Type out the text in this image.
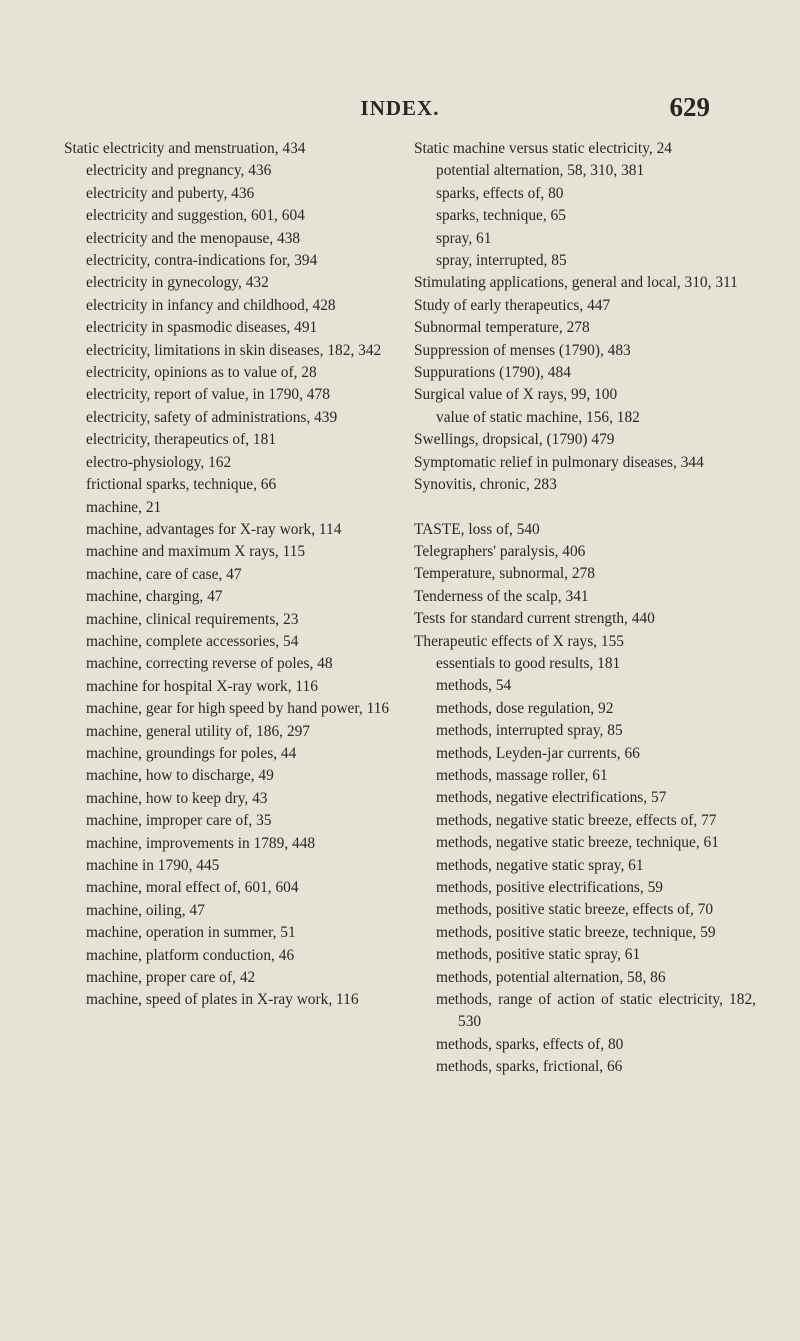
INDEX.	629
Static electricity and menstruation, 434
electricity and pregnancy, 436
electricity and puberty, 436
electricity and suggestion, 601, 604
electricity and the menopause, 438
electricity, contra-indications for, 394
electricity in gynecology, 432
electricity in infancy and childhood, 428
electricity in spasmodic diseases, 491
electricity, limitations in skin diseases, 182, 342
electricity, opinions as to value of, 28
electricity, report of value, in 1790, 478
electricity, safety of administrations, 439
electricity, therapeutics of, 181
electro-physiology, 162
frictional sparks, technique, 66
machine, 21
machine, advantages for X-ray work, 114
machine and maximum X rays, 115
machine, care of case, 47
machine, charging, 47
machine, clinical requirements, 23
machine, complete accessories, 54
machine, correcting reverse of poles, 48
machine for hospital X-ray work, 116
machine, gear for high speed by hand power, 116
machine, general utility of, 186, 297
machine, groundings for poles, 44
machine, how to discharge, 49
machine, how to keep dry, 43
machine, improper care of, 35
machine, improvements in 1789, 448
machine in 1790, 445
machine, moral effect of, 601, 604
machine, oiling, 47
machine, operation in summer, 51
machine, platform conduction, 46
machine, proper care of, 42
machine, speed of plates in X-ray work, 116
Static machine versus static electricity, 24
potential alternation, 58, 310, 381
sparks, effects of, 80
sparks, technique, 65
spray, 61
spray, interrupted, 85
Stimulating applications, general and local, 310, 311
Study of early therapeutics, 447
Subnormal temperature, 278
Suppression of menses (1790), 483
Suppurations (1790), 484
Surgical value of X rays, 99, 100
value of static machine, 156, 182
Swellings, dropsical, (1790) 479
Symptomatic relief in pulmonary diseases, 344
Synovitis, chronic, 283
TASTE, loss of, 540
Telegraphers' paralysis, 406
Temperature, subnormal, 278
Tenderness of the scalp, 341
Tests for standard current strength, 440
Therapeutic effects of X rays, 155
essentials to good results, 181
methods, 54
methods, dose regulation, 92
methods, interrupted spray, 85
methods, Leyden-jar currents, 66
methods, massage roller, 61
methods, negative electrifications, 57
methods, negative static breeze, effects of, 77
methods, negative static breeze, technique, 61
methods, negative static spray, 61
methods, positive electrifications, 59
methods, positive static breeze, effects of, 70
methods, positive static breeze, technique, 59
methods, positive static spray, 61
methods, potential alternation, 58, 86
methods, range of action of static electricity, 182, 530
methods, sparks, effects of, 80
methods, sparks, frictional, 66
